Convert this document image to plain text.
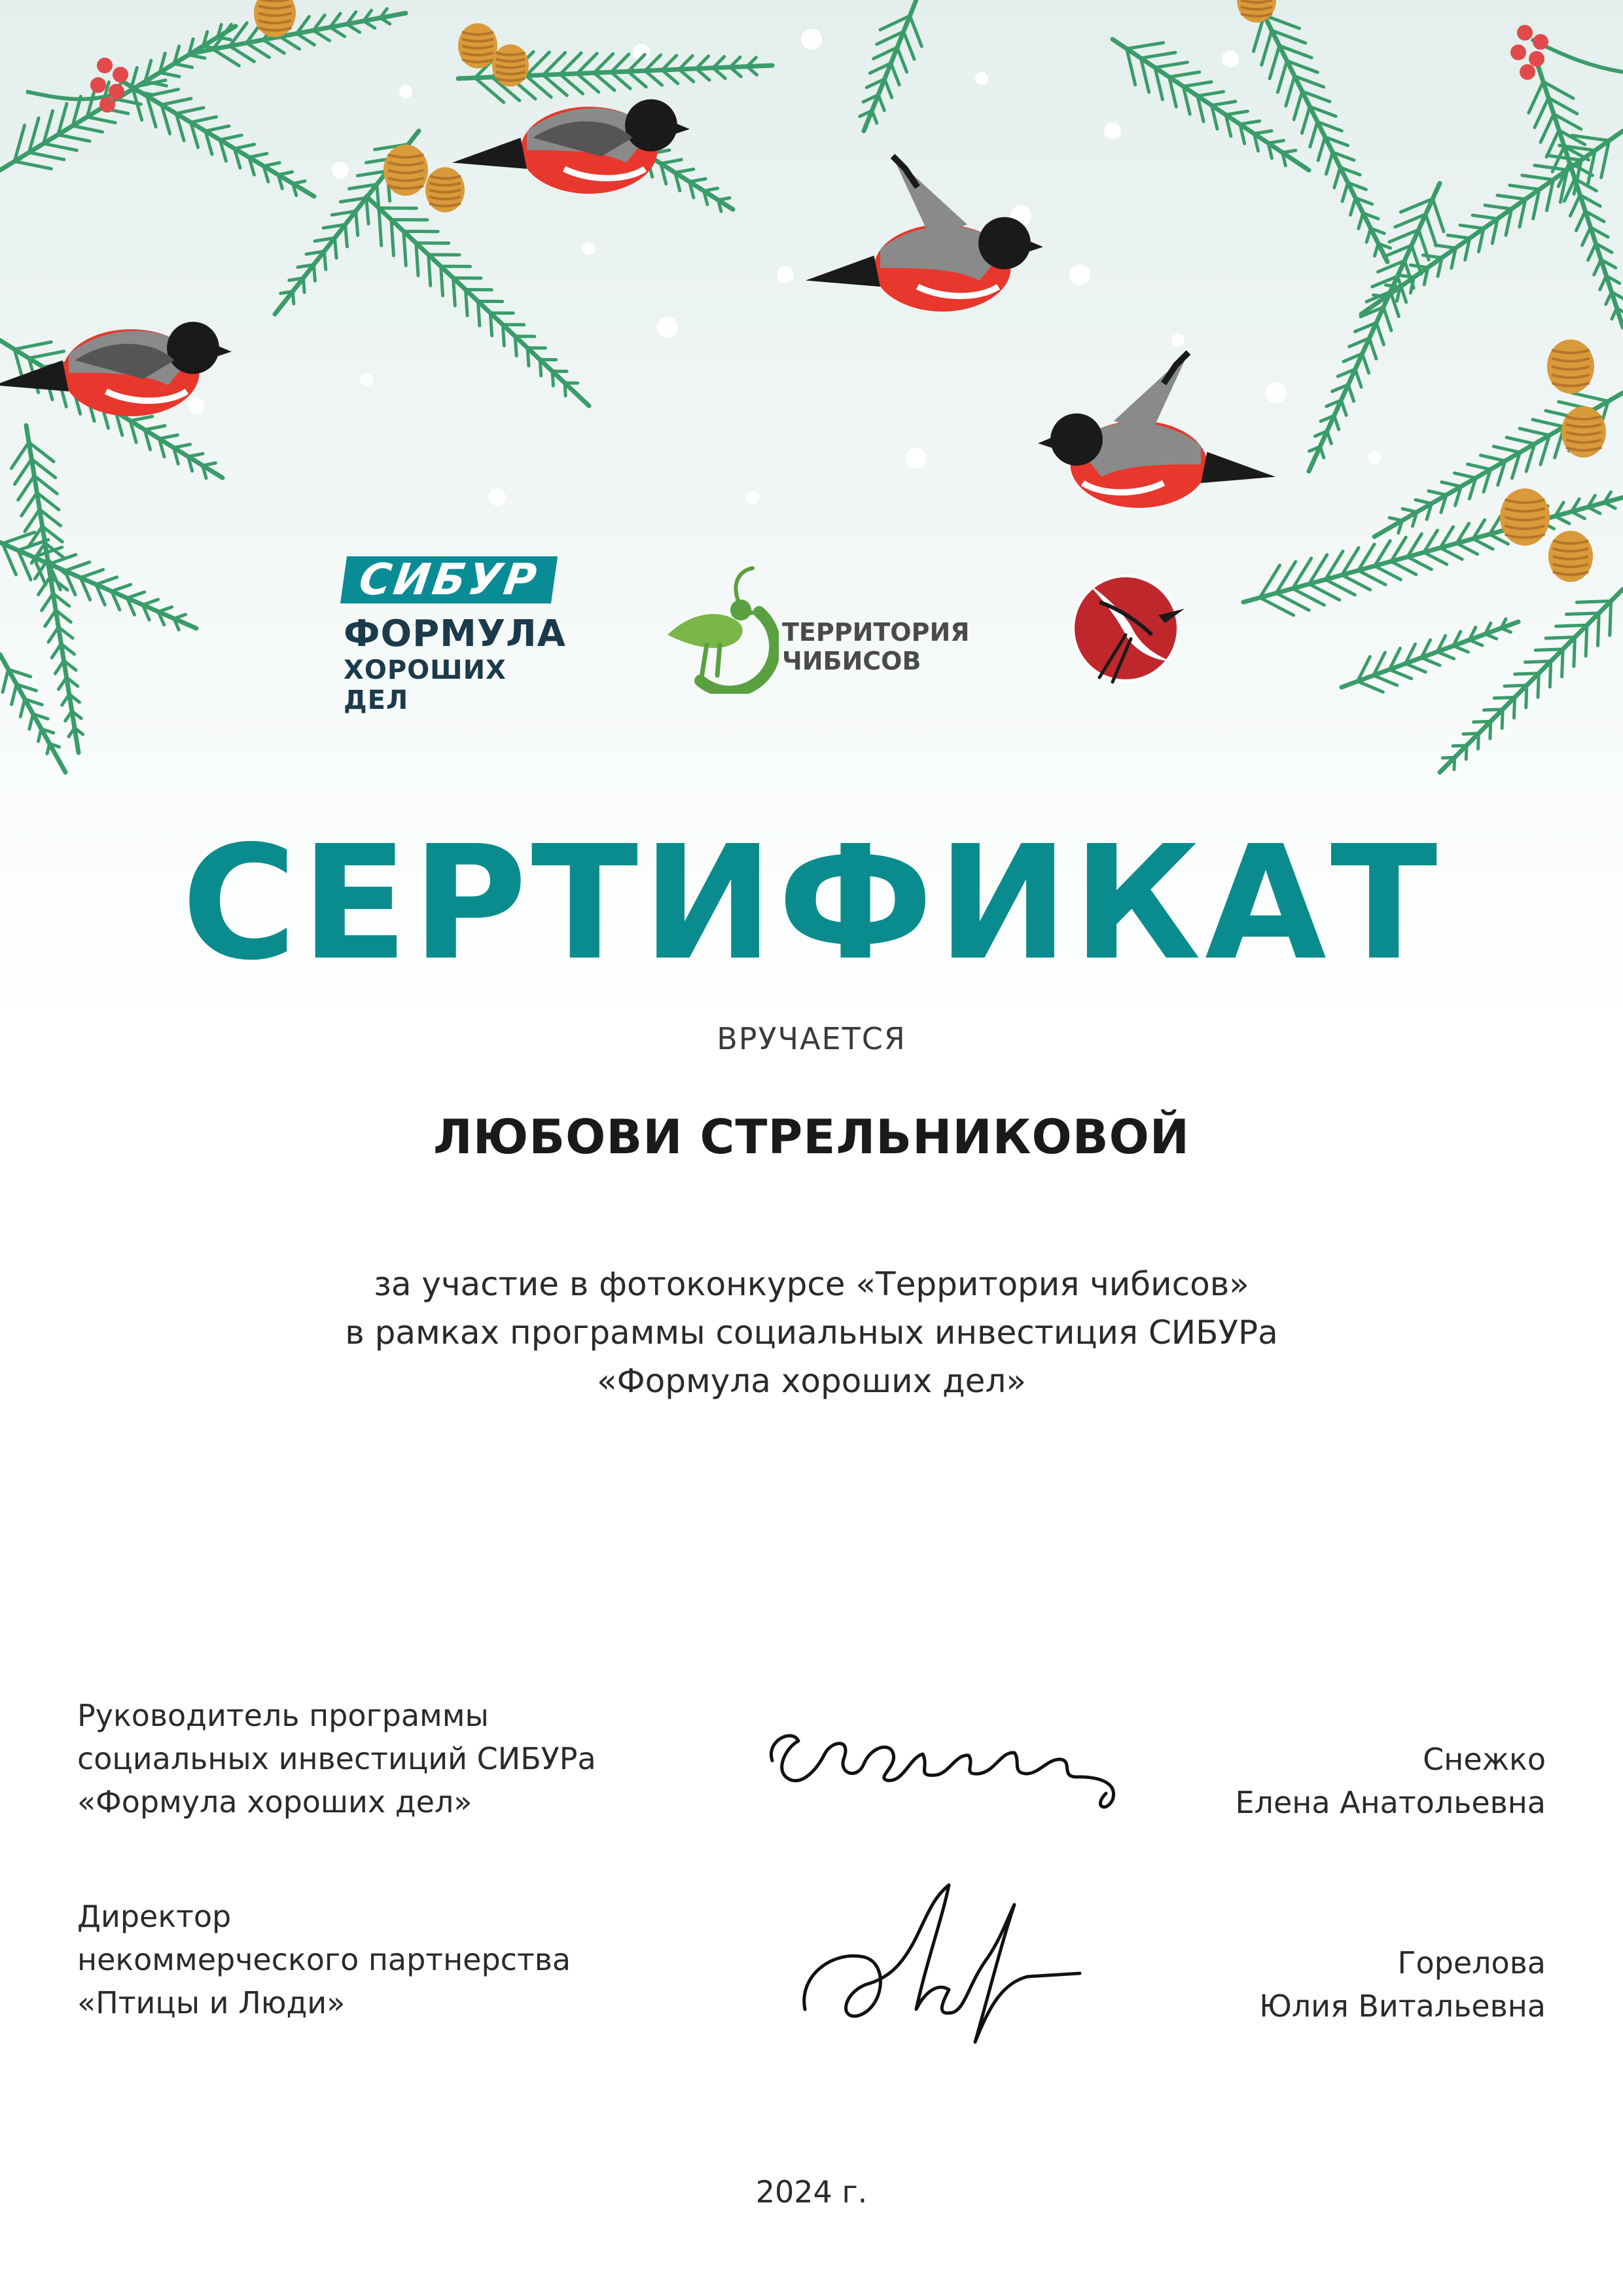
СИБУР
ФОРМУЛА
ХОРОШИХ ДЕЛ
ТЕРРИТОРИЯ
ЧИБИСОВ
СЕРТИФИКАТ
ВРУЧАЕТСЯ
ЛЮБОВИ СТРЕЛЬНИКОВОЙ
за участие в фотоконкурсе «Территория чибисов»
в рамках программы социальных инвестиция СИБУРа
«Формула хороших дел»
Руководитель программы
социальных инвестиций СИБУРа
«Формула хороших дел»
Снежко
Елена Анатольевна
Директор
некоммерческого партнерства
«Птицы и Люди»
Горелова
Юлия Витальевна
2024 г.
